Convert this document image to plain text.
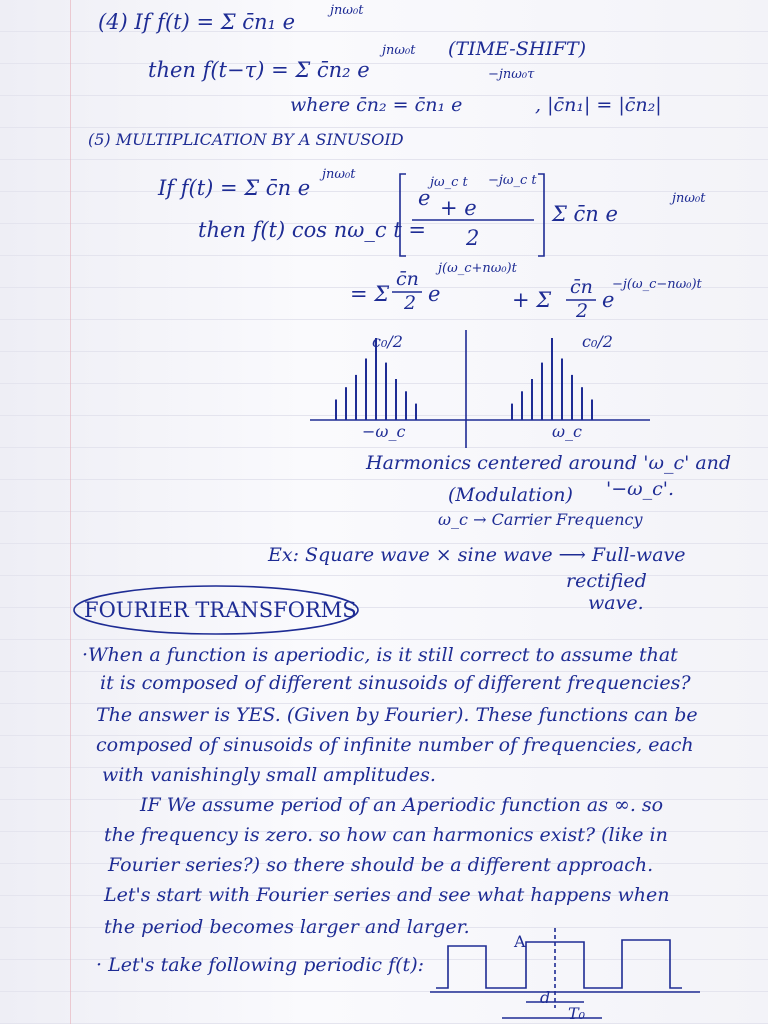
(4) If f(t) = Σ c̄n₁ e	jnω₀t
then f(t−τ) = Σ c̄n₂ e
jnω₀t (TIME-SHIFT)
where c̄n₂ = c̄n₁ e
−jnω₀τ
, |c̄n₁| = |c̄n₂|
(5) MULTIPLICATION BY A SINUSOID
If f(t) = Σ c̄n e
jnω₀t
then f(t) cos nω_c t =
e
jω_c t
+ e
−jω_c t
2
Σ c̄n e
jnω₀t
= Σ
c̄n
2 e
j(ω_c+nω₀)t
+ Σ
c̄n
2 e
−j(ω_c−nω₀)t
c₀/2	c₀/2
−ω_c	ω_c
Harmonics centered around 'ω_c' and
'−ω_c'.
(Modulation)
ω_c → Carrier Frequency
Ex: Square wave × sine wave ⟶ Full-wave
rectified
wave.
FOURIER TRANSFORMS
·When a function is aperiodic, is it still correct to assume that
it is composed of different sinusoids of different frequencies?
The answer is YES. (Given by Fourier). These functions can be
composed of sinusoids of infinite number of frequencies, each
with vanishingly small amplitudes.
IF We assume period of an Aperiodic function as ∞. so
the frequency is zero. so how can harmonics exist? (like in
Fourier series?) so there should be a different approach.
Let's start with Fourier series and see what happens when
the period becomes larger and larger.
· Let's take following periodic f(t):
A
d
T₀
